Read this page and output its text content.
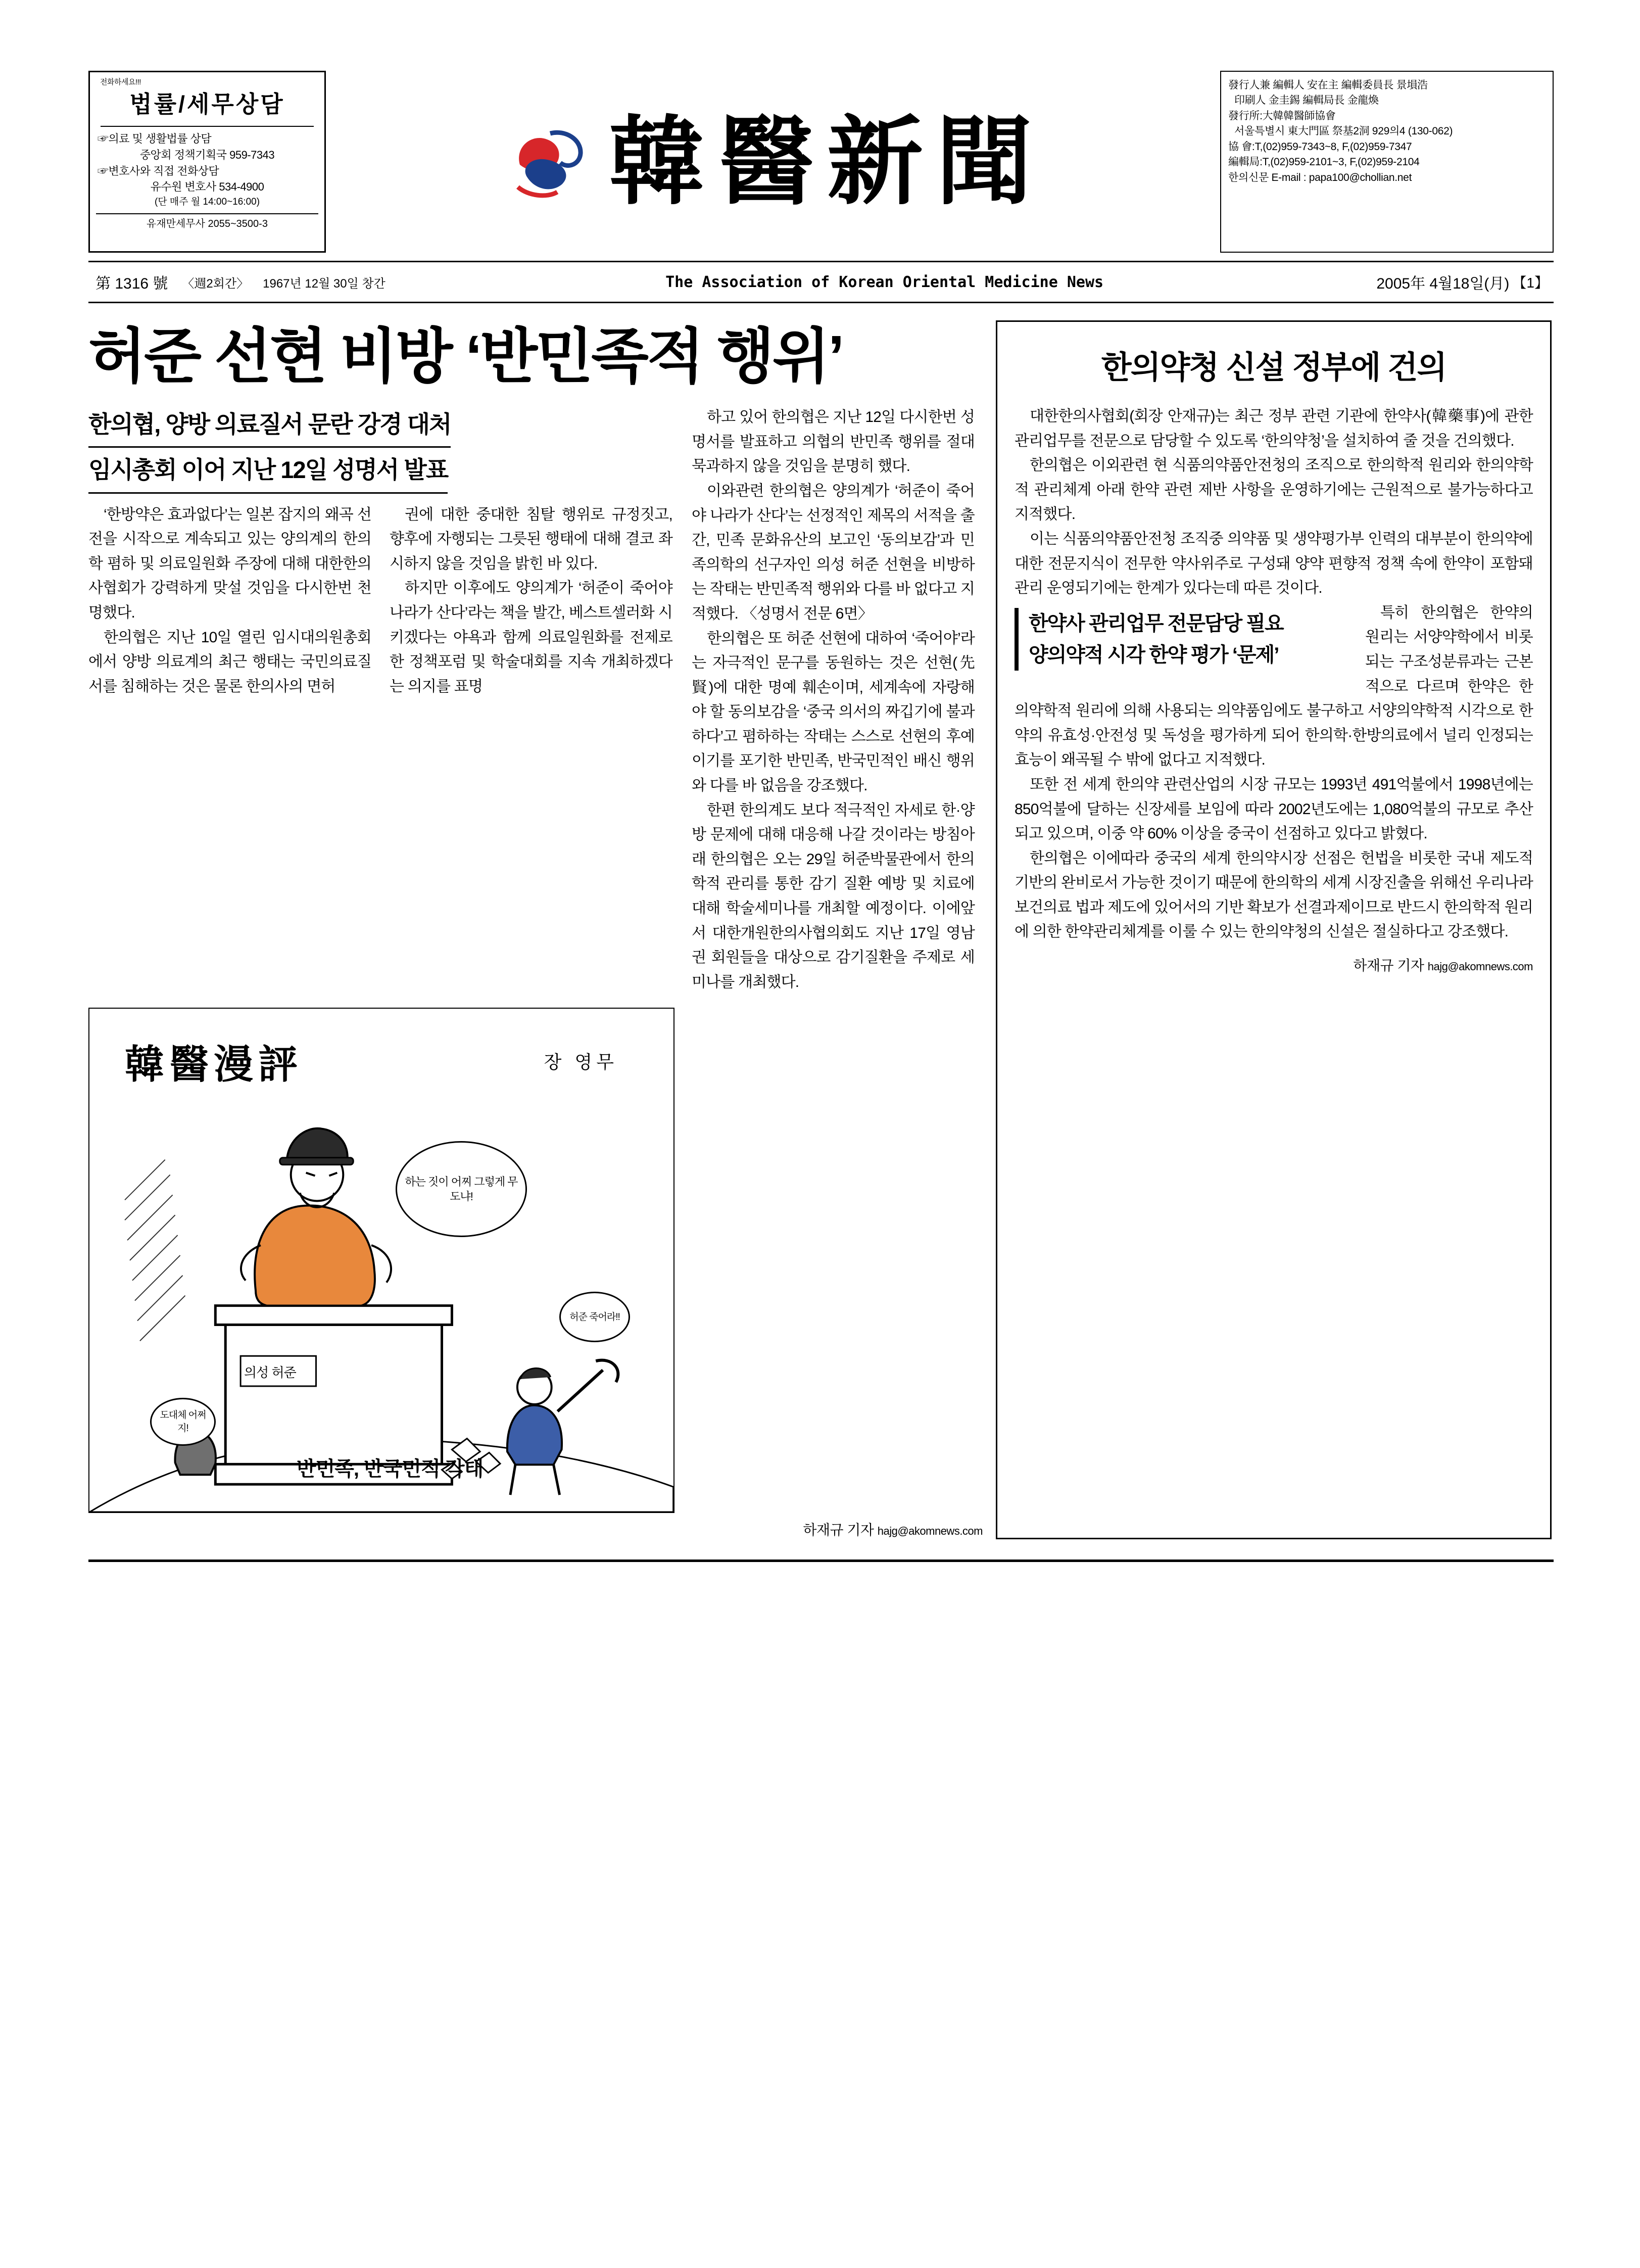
전화하세요!!!
법률/세무상담
☞의료 및 생활법률 상담
중앙회 정책기획국 959-7343
☞변호사와 직접 전화상담
유수원 변호사 534-4900
(단 매주 월 14:00~16:00)
유재만세무사 2055~3500-3
韓醫新聞
發行人兼 編輯人 安在主 編輯委員長 景塤浩
印刷人 金圭錫 編輯局長 金龍煥
發行所:大韓韓醫師協會
서울특별시 東大門區 祭基2洞 929의4 (130-062)
協 會:T,(02)959-7343~8, F,(02)959-7347
編輯局:T,(02)959-2101~3, F,(02)959-2104
한의신문 E-mail : papa100@chollian.net
第 1316 號	〈週2회간〉	1967년 12월 30일 창간	The Association of Korean Oriental Medicine News	2005年 4월18일(月) 【1】
허준 선현 비방 ‘반민족적 행위’
한의협, 양방 의료질서 문란 강경 대처
임시총회 이어 지난 12일 성명서 발표

‘한방약은 효과없다’는 일본 잡지의 왜곡 선전을 시작으로 계속되고 있는 양의계의 한의학 폄하 및 의료일원화 주장에 대해 대한한의사협회가 강력하게 맞설 것임을 다시한번 천명했다.

한의협은 지난 10일 열린 임시대의원총회에서 양방 의료계의 최근 행태는 국민의료질서를 침해하는 것은 물론 한의사의 면허

권에 대한 중대한 침탈 행위로 규정짓고, 향후에 자행되는 그릇된 행태에 대해 결코 좌시하지 않을 것임을 밝힌 바 있다.

하지만 이후에도 양의계가 ‘허준이 죽어야 나라가 산다’라는 책을 발간, 베스트셀러화 시키겠다는 야욕과 함께 의료일원화를 전제로 한 정책포럼 및 학술대회를 지속 개최하겠다는 의지를 표명

하고 있어 한의협은 지난 12일 다시한번 성명서를 발표하고 의협의 반민족 행위를 절대 묵과하지 않을 것임을 분명히 했다.

이와관련 한의협은 양의계가 ‘허준이 죽어야 나라가 산다’는 선정적인 제목의 서적을 출간, 민족 문화유산의 보고인 ‘동의보감’과 민족의학의 선구자인 의성 허준 선현을 비방하는 작태는 반민족적 행위와 다를 바 없다고 지적했다. 〈성명서 전문 6면〉

한의협은 또 허준 선현에 대하여 ‘죽어야’라는 자극적인 문구를 동원하는 것은 선현(先賢)에 대한 명예 훼손이며, 세계속에 자랑해야 할 동의보감을 ‘중국 의서의 짜깁기에 불과하다’고 폄하하는 작태는 스스로 선현의 후예이기를 포기한 반민족, 반국민적인 배신 행위와 다를 바 없음을 강조했다.

한편 한의계도 보다 적극적인 자세로 한·양방 문제에 대해 대응해 나갈 것이라는 방침아래 한의협은 오는 29일 허준박물관에서 한의학적 관리를 통한 감기 질환 예방 및 치료에 대해 학술세미나를 개최할 예정이다. 이에앞서 대한개원한의사협의회도 지난 17일 영남권 회원들을 대상으로 감기질환을 주제로 세미나를 개최했다.

韓醫漫評	장 영무
하는 짓이 어찌 그렇게 무도냐!
도대체 어쩌지!
허준 죽어라!!
의성 허준
반민족, 반국민적 각태
하재규 기자 hajg@akomnews.com
한의약청 신설 정부에 건의

대한한의사협회(회장 안재규)는 최근 정부 관련 기관에 한약사(韓藥事)에 관한 관리업무를 전문으로 담당할 수 있도록 ‘한의약청’을 설치하여 줄 것을 건의했다.

한의협은 이외관련 현 식품의약품안전청의 조직으로 한의학적 원리와 한의약학적 관리체계 아래 한약 관련 제반 사항을 운영하기에는 근원적으로 불가능하다고 지적했다.

이는 식품의약품안전청 조직중 의약품 및 생약평가부 인력의 대부분이 한의약에 대한 전문지식이 전무한 약사위주로 구성돼 양약 편향적 정책 속에 한약이 포함돼 관리 운영되기에는 한계가 있다는데 따른 것이다.

한약사 관리업무 전문담당 필요
양의약적 시각 한약 평가 ‘문제’

특히 한의협은 한약의 원리는 서양약학에서 비롯되는 구조성분류과는 근본적으로 다르며 한약은 한의약학적 원리에 의해 사용되는 의약품임에도 불구하고 서양의약학적 시각으로 한약의 유효성·안전성 및 독성을 평가하게 되어 한의학·한방의료에서 널리 인정되는 효능이 왜곡될 수 밖에 없다고 지적했다.

또한 전 세계 한의약 관련산업의 시장 규모는 1993년 491억불에서 1998년에는 850억불에 달하는 신장세를 보임에 따라 2002년도에는 1,080억불의 규모로 추산되고 있으며, 이중 약 60% 이상을 중국이 선점하고 있다고 밝혔다.

한의협은 이에따라 중국의 세계 한의약시장 선점은 헌법을 비롯한 국내 제도적 기반의 완비로서 가능한 것이기 때문에 한의학의 세계 시장진출을 위해선 우리나라 보건의료 법과 제도에 있어서의 기반 확보가 선결과제이므로 반드시 한의학적 원리에 의한 한약관리체계를 이룰 수 있는 한의약청의 신설은 절실하다고 강조했다.

하재규 기자 hajg@akomnews.com
